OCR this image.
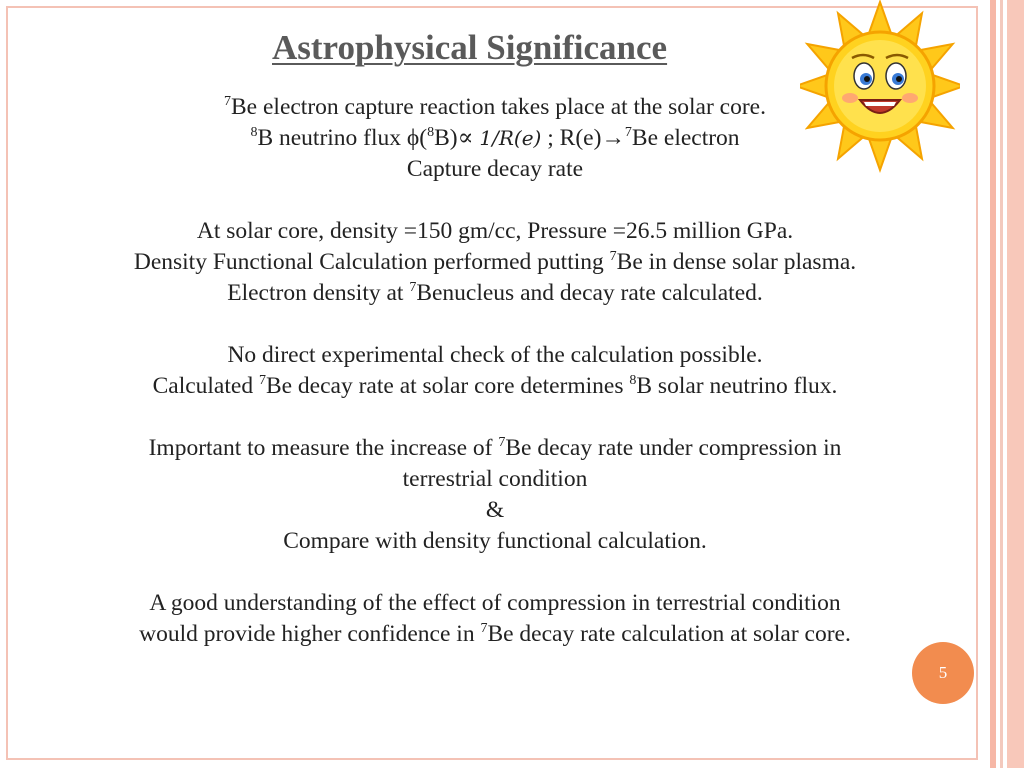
Astrophysical Significance
$^7$Be electron capture reaction takes place at the solar core.
$^8$B neutrino flux ϕ($^8$B)∝ 1/R(e) ; R(e)→$^7$Be electron
Capture decay rate
At solar core, density =150 gm/cc, Pressure =26.5 million GPa.
Density Functional Calculation performed putting $^7$Be in dense solar plasma.
Electron density at $^7$Benucleus and decay rate calculated.
No direct experimental check of the calculation possible.
Calculated $^7$Be decay rate at solar core determines $^8$B solar neutrino flux.
Important to measure the increase of $^7$Be decay rate under compression in
terrestrial condition
&
Compare with density functional calculation.
A good understanding of the effect of compression in terrestrial condition
would provide higher confidence in $^7$Be decay rate calculation at solar core.
5
